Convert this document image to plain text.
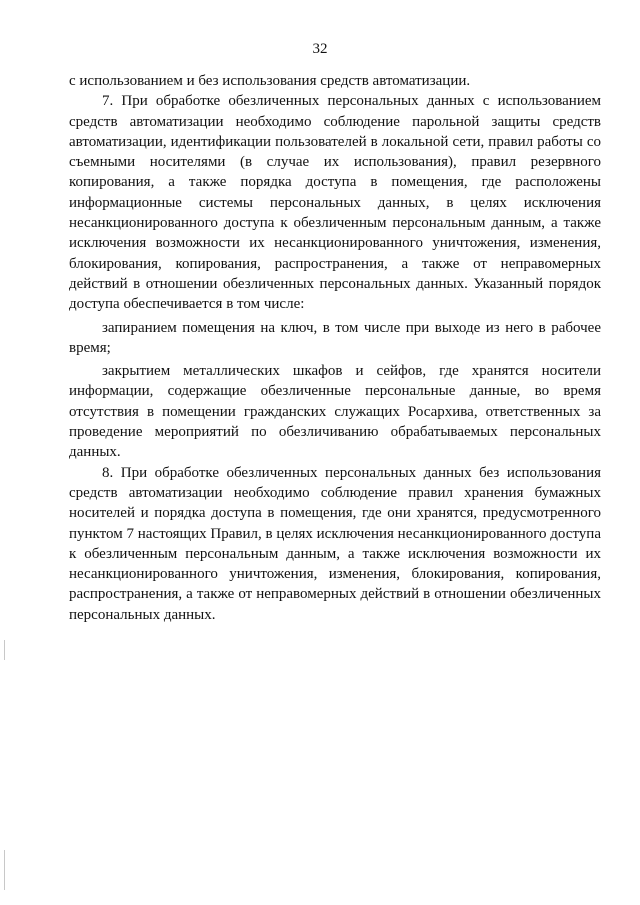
32

с использованием и без использования средств автоматизации.

7. При обработке обезличенных персональных данных с использованием средств автоматизации необходимо соблюдение парольной защиты средств автоматизации, идентификации пользователей в локальной сети, правил работы со съемными носителями (в случае их использования), правил резервного копирования, а также порядка доступа в помещения, где расположены информационные системы персональных данных, в целях исключения несанкционированного доступа к обезличенным персональным данным, а также исключения возможности их несанкционированного уничтожения, изменения, блокирования, копирования, распространения, а также от неправомерных действий в отношении обезличенных персональных данных. Указанный порядок доступа обеспечивается в том числе:

запиранием помещения на ключ, в том числе при выходе из него в рабочее время;

закрытием металлических шкафов и сейфов, где хранятся носители информации, содержащие обезличенные персональные данные, во время отсутствия в помещении гражданских служащих Росархива, ответственных за проведение мероприятий по обезличиванию обрабатываемых персональных данных.

8. При обработке обезличенных персональных данных без использования средств автоматизации необходимо соблюдение правил хранения бумажных носителей и порядка доступа в помещения, где они хранятся, предусмотренного пунктом 7 настоящих Правил, в целях исключения несанкционированного доступа к обезличенным персональным данным, а также исключения возможности их несанкционированного уничтожения, изменения, блокирования, копирования, распространения, а также от неправомерных действий в отношении обезличенных персональных данных.
